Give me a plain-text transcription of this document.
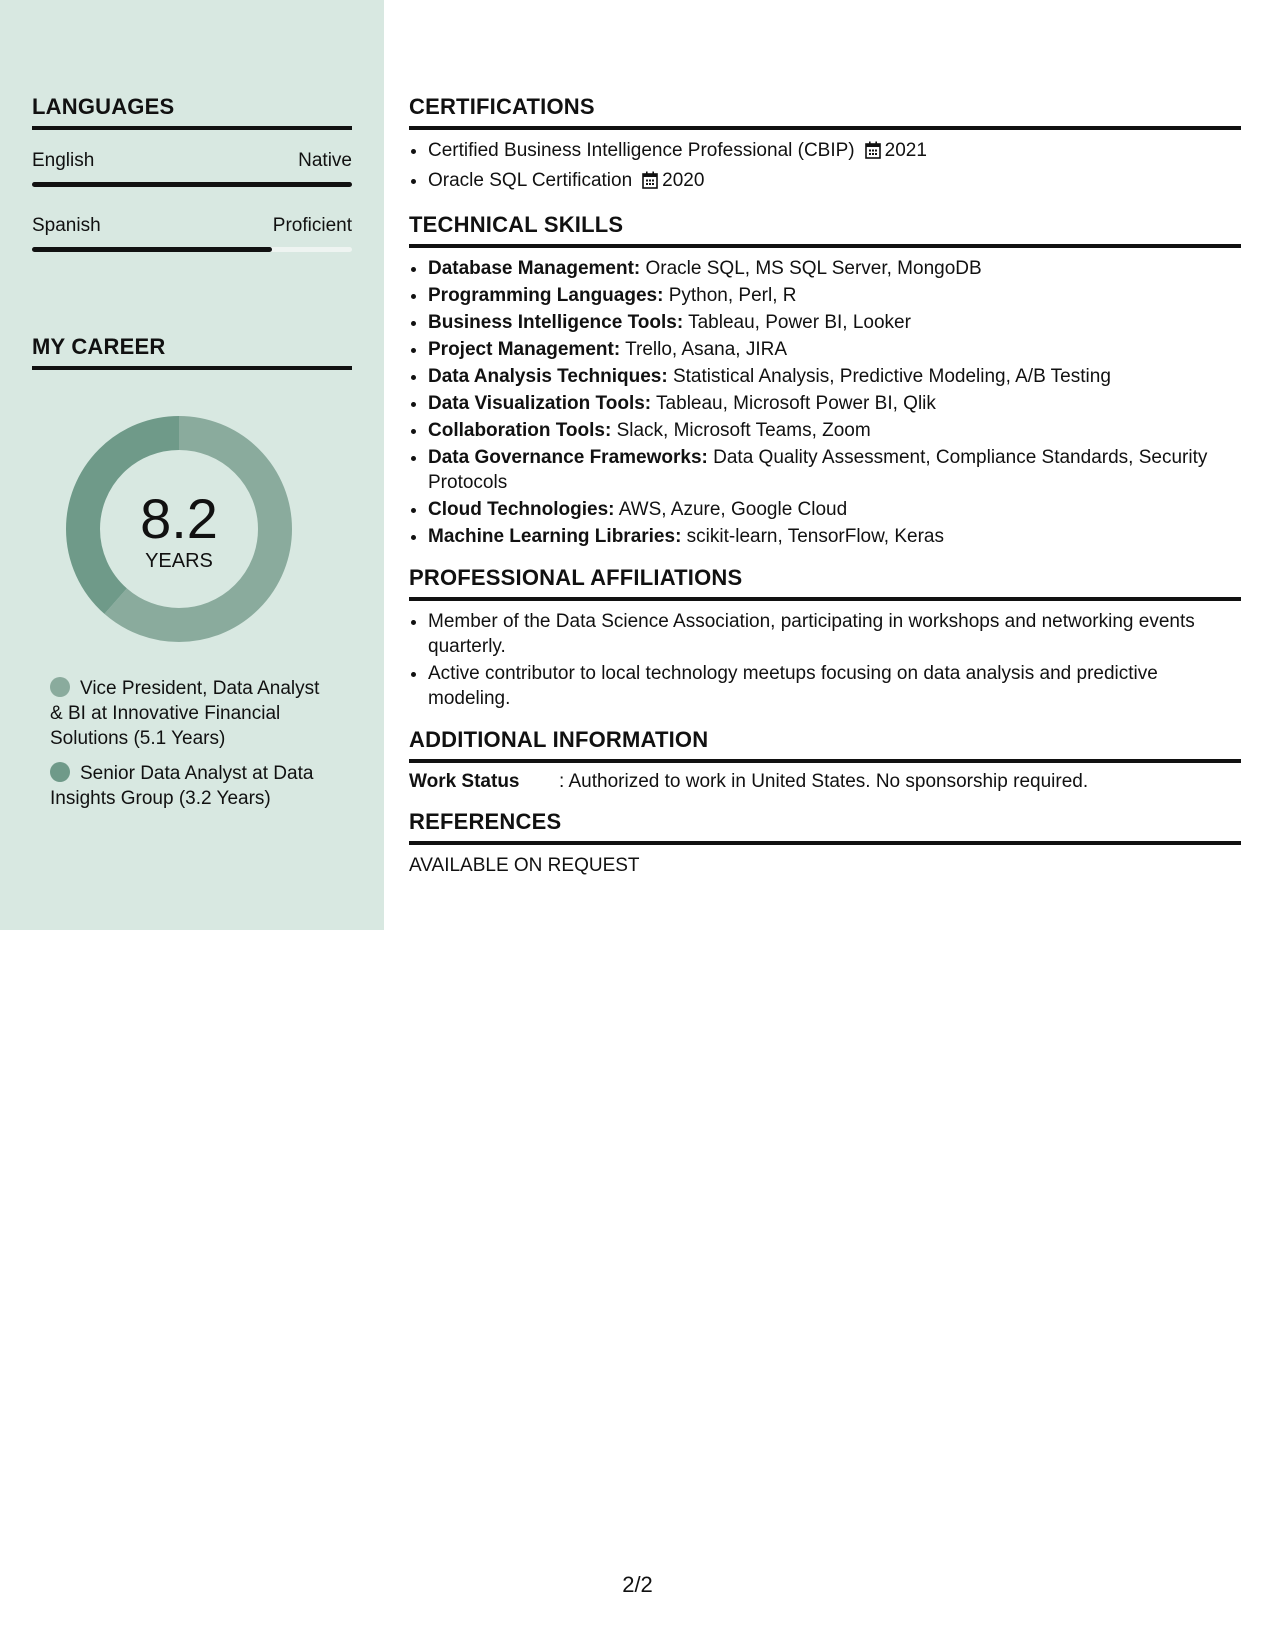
LANGUAGES
English	Native
Spanish	Proficient
MY CAREER
8.2
YEARS
Vice President, Data Analyst & BI at Innovative Financial Solutions (5.1 Years)
Senior Data Analyst at Data Insights Group (3.2 Years)
CERTIFICATIONS
• Certified Business Intelligence Professional (CBIP) 2021
• Oracle SQL Certification 2020
TECHNICAL SKILLS
• Database Management: Oracle SQL, MS SQL Server, MongoDB
• Programming Languages: Python, Perl, R
• Business Intelligence Tools: Tableau, Power BI, Looker
• Project Management: Trello, Asana, JIRA
• Data Analysis Techniques: Statistical Analysis, Predictive Modeling, A/B Testing
• Data Visualization Tools: Tableau, Microsoft Power BI, Qlik
• Collaboration Tools: Slack, Microsoft Teams, Zoom
• Data Governance Frameworks: Data Quality Assessment, Compliance Standards, Security Protocols
• Cloud Technologies: AWS, Azure, Google Cloud
• Machine Learning Libraries: scikit-learn, TensorFlow, Keras
PROFESSIONAL AFFILIATIONS
• Member of the Data Science Association, participating in workshops and networking events quarterly.
• Active contributor to local technology meetups focusing on data analysis and predictive modeling.
ADDITIONAL INFORMATION
Work Status	: Authorized to work in United States. No sponsorship required.
REFERENCES
AVAILABLE ON REQUEST
2/2
